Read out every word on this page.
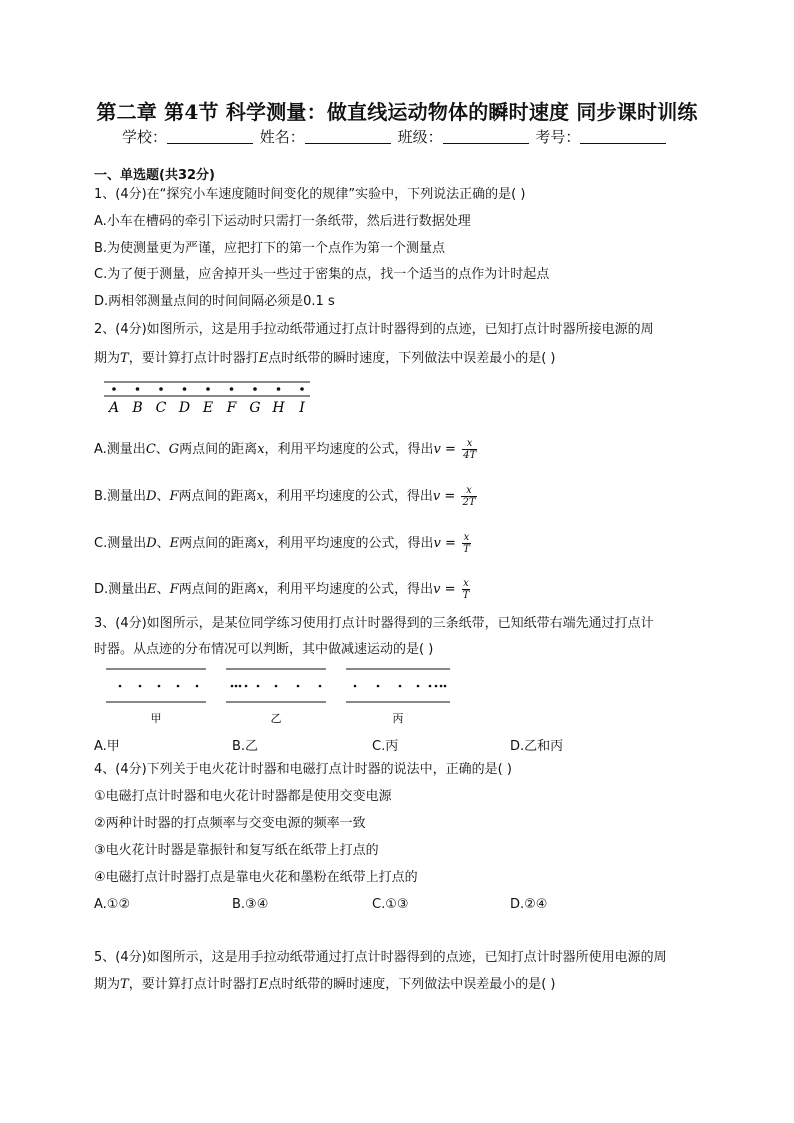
第二章 第4节 科学测量：做直线运动物体的瞬时速度 同步课时训练
学校：	姓名：	班级：	考号：
一、单选题(共32分)
1、(4分)在“探究小车速度随时间变化的规律”实验中，下列说法正确的是( )
A.小车在槽码的牵引下运动时只需打一条纸带，然后进行数据处理
B.为使测量更为严谨，应把打下的第一个点作为第一个测量点
C.为了便于测量，应舍掉开头一些过于密集的点，找一个适当的点作为计时起点
D.两相邻测量点间的时间间隔必须是0.1 s
2、(4分)如图所示，这是用手拉动纸带通过打点计时器得到的点迹，已知打点计时器所接电源的周
期为T，要计算打点计时器打E点时纸带的瞬时速度，下列做法中误差最小的是( )
A B C D E F G H I
A.测量出C、G两点间的距离x，利用平均速度的公式，得出$v = \frac{x}{4T}$
B.测量出D、F两点间的距离x，利用平均速度的公式，得出$v = \frac{x}{2T}$
C.测量出D、E两点间的距离x，利用平均速度的公式，得出$v = \frac{x}{T}$
D.测量出E、F两点间的距离x，利用平均速度的公式，得出$v = \frac{x}{T}$
3、(4分)如图所示，是某位同学练习使用打点计时器得到的三条纸带，已知纸带右端先通过打点计
时器。从点迹的分布情况可以判断，其中做减速运动的是( )
甲	乙	丙
A.甲	B.乙	C.丙	D.乙和丙
4、(4分)下列关于电火花计时器和电磁打点计时器的说法中，正确的是( )
①电磁打点计时器和电火花计时器都是使用交变电源
②两种计时器的打点频率与交变电源的频率一致
③电火花计时器是靠振针和复写纸在纸带上打点的
④电磁打点计时器打点是靠电火花和墨粉在纸带上打点的
A.①②	B.③④	C.①③	D.②④
5、(4分)如图所示，这是用手拉动纸带通过打点计时器得到的点迹，已知打点计时器所使用电源的周
期为T，要计算打点计时器打E点时纸带的瞬时速度，下列做法中误差最小的是( )
